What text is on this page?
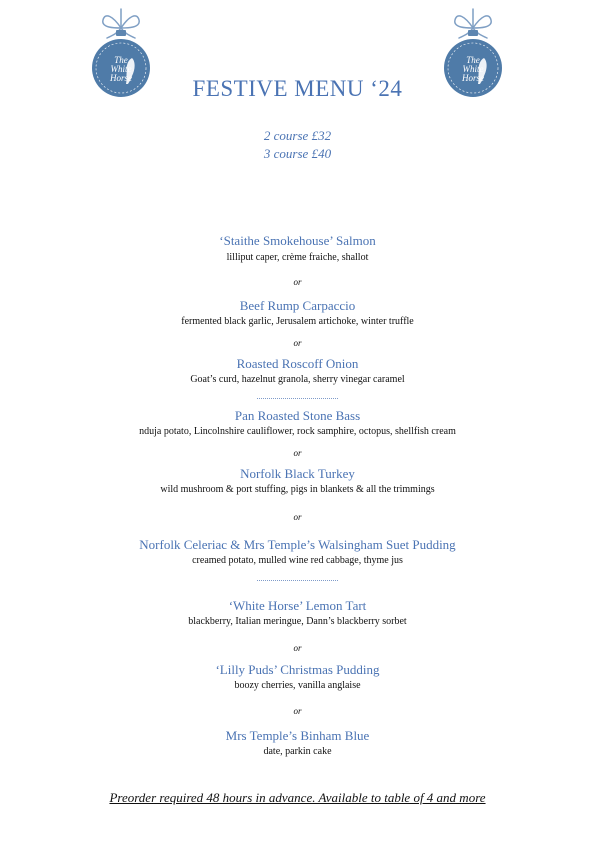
The
White
Horse
The
White
Horse
FESTIVE MENU ‘24
2 course £32
3 course £40
‘Staithe Smokehouse’ Salmon
lilliput caper, crème fraiche, shallot
or
Beef Rump Carpaccio
fermented black garlic, Jerusalem artichoke, winter truffle
or
Roasted Roscoff Onion
Goat’s curd, hazelnut granola, sherry vinegar caramel
Pan Roasted Stone Bass
nduja potato, Lincolnshire cauliflower, rock samphire, octopus, shellfish cream
or
Norfolk Black Turkey
wild mushroom & port stuffing, pigs in blankets & all the trimmings
or
Norfolk Celeriac & Mrs Temple’s Walsingham Suet Pudding
creamed potato, mulled wine red cabbage, thyme jus
‘White Horse’ Lemon Tart
blackberry, Italian meringue, Dann’s blackberry sorbet
or
‘Lilly Puds’ Christmas Pudding
boozy cherries, vanilla anglaise
or
Mrs Temple’s Binham Blue
date, parkin cake
Preorder required 48 hours in advance. Available to table of 4 and more
